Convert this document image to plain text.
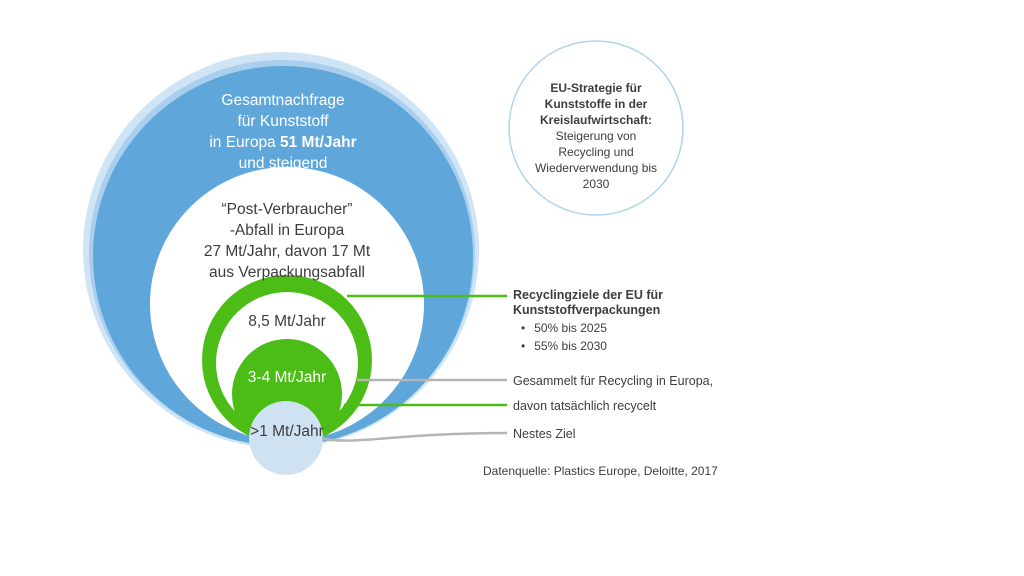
Gesamtnachfrage
für Kunststoff
in Europa 51 Mt/Jahr
und steigend
“Post-Verbraucher”
-Abfall in Europa
27 Mt/Jahr, davon 17 Mt
aus Verpackungsabfall
8,5 Mt/Jahr
3-4 Mt/Jahr
>1 Mt/Jahr
EU-Strategie für
Kunststoffe in der
Kreislaufwirtschaft:
Steigerung von
Recycling und
Wiederverwendung bis
2030
Recyclingziele der EU für
Kunststoffverpackungen
• 50% bis 2025
• 55% bis 2030
Gesammelt für Recycling in Europa,
davon tatsächlich recycelt
Nestes Ziel
Datenquelle: Plastics Europe, Deloitte, 2017
